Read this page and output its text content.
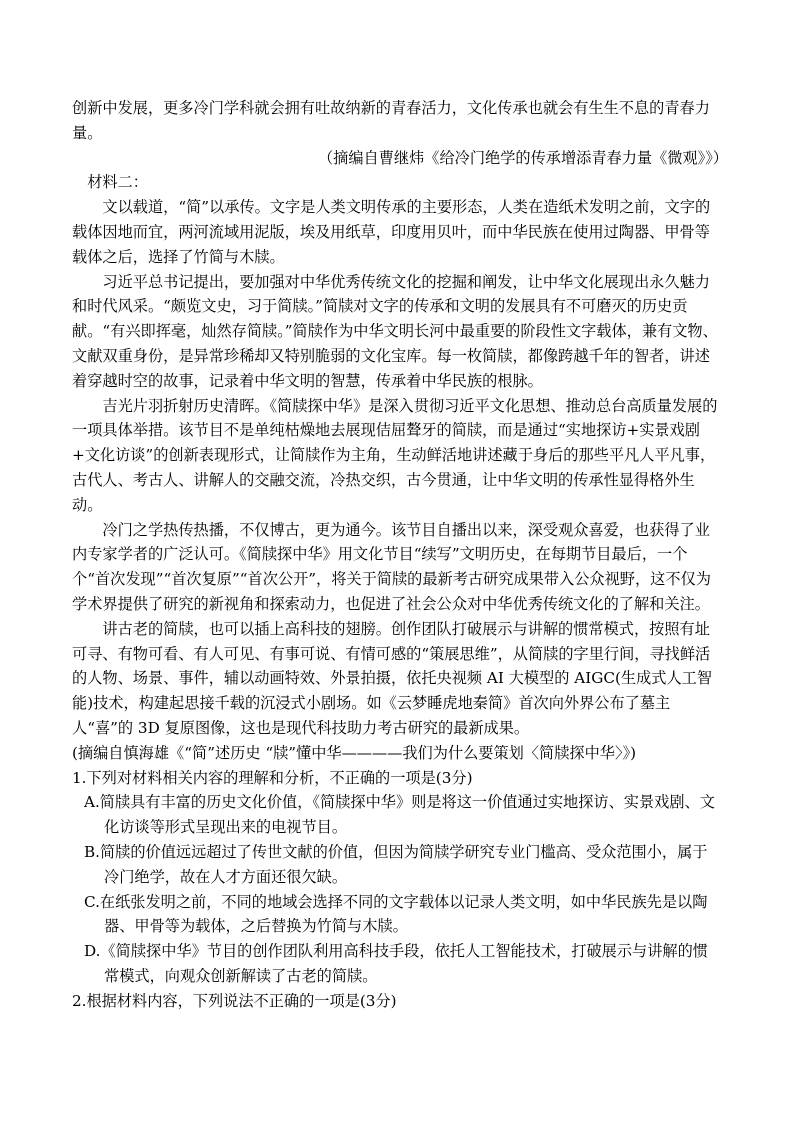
创新中发展，更多冷门学科就会拥有吐故纳新的青春活力，文化传承也就会有生生不息的青春力量。

（摘编自曹继炜《给冷门绝学的传承增添青春力量《微观》》）

材料二：

文以载道，“简”以承传。文字是人类文明传承的主要形态，人类在造纸术发明之前，文字的载体因地而宜，两河流域用泥版，埃及用纸草，印度用贝叶，而中华民族在使用过陶器、甲骨等载体之后，选择了竹简与木牍。

习近平总书记提出，要加强对中华优秀传统文化的挖掘和阐发，让中华文化展现出永久魅力和时代风采。“颇览文史，习于简牍。”简牍对文字的传承和文明的发展具有不可磨灭的历史贡献。“有兴即挥毫，灿然存简牍。”简牍作为中华文明长河中最重要的阶段性文字载体，兼有文物、文献双重身份，是异常珍稀却又特别脆弱的文化宝库。每一枚简牍，都像跨越千年的智者，讲述着穿越时空的故事，记录着中华文明的智慧，传承着中华民族的根脉。

吉光片羽折射历史清晖。《简牍探中华》是深入贯彻习近平文化思想、推动总台高质量发展的一项具体举措。该节目不是单纯枯燥地去展现佶屈聱牙的简牍，而是通过“实地探访+实景戏剧+文化访谈”的创新表现形式，让简牍作为主角，生动鲜活地讲述藏于身后的那些平凡人平凡事，古代人、考古人、讲解人的交融交流，冷热交织，古今贯通，让中华文明的传承性显得格外生动。

冷门之学热传热播，不仅博古，更为通今。该节目自播出以来，深受观众喜爱，也获得了业内专家学者的广泛认可。《简牍探中华》用文化节目“续写”文明历史，在每期节目最后，一个个“首次发现”“首次复原”“首次公开”，将关于简牍的最新考古研究成果带入公众视野，这不仅为学术界提供了研究的新视角和探索动力，也促进了社会公众对中华优秀传统文化的了解和关注。

讲古老的简牍，也可以插上高科技的翅膀。创作团队打破展示与讲解的惯常模式，按照有址可寻、有物可看、有人可见、有事可说、有情可感的“策展思维”，从简牍的字里行间，寻找鲜活的人物、场景、事件，辅以动画特效、外景拍摄，依托央视频 AI 大模型的 AIGC(生成式人工智能)技术，构建起思接千载的沉浸式小剧场。如《云梦睡虎地秦简》首次向外界公布了墓主人“喜”的 3D 复原图像，这也是现代科技助力考古研究的最新成果。

(摘编自慎海雄《“简”述历史 “牍”懂中华————我们为什么要策划〈简牍探中华〉》)

1.下列对材料相关内容的理解和分析，不正确的一项是(3分)

A.简牍具有丰富的历史文化价值，《简牍探中华》则是将这一价值通过实地探访、实景戏剧、文化访谈等形式呈现出来的电视节目。

B.简牍的价值远远超过了传世文献的价值，但因为简牍学研究专业门槛高、受众范围小，属于冷门绝学，故在人才方面还很欠缺。

C.在纸张发明之前，不同的地域会选择不同的文字载体以记录人类文明，如中华民族先是以陶器、甲骨等为载体，之后替换为竹简与木牍。

D.《简牍探中华》节目的创作团队利用高科技手段，依托人工智能技术，打破展示与讲解的惯常模式，向观众创新解读了古老的简牍。

2.根据材料内容，下列说法不正确的一项是(3分)
